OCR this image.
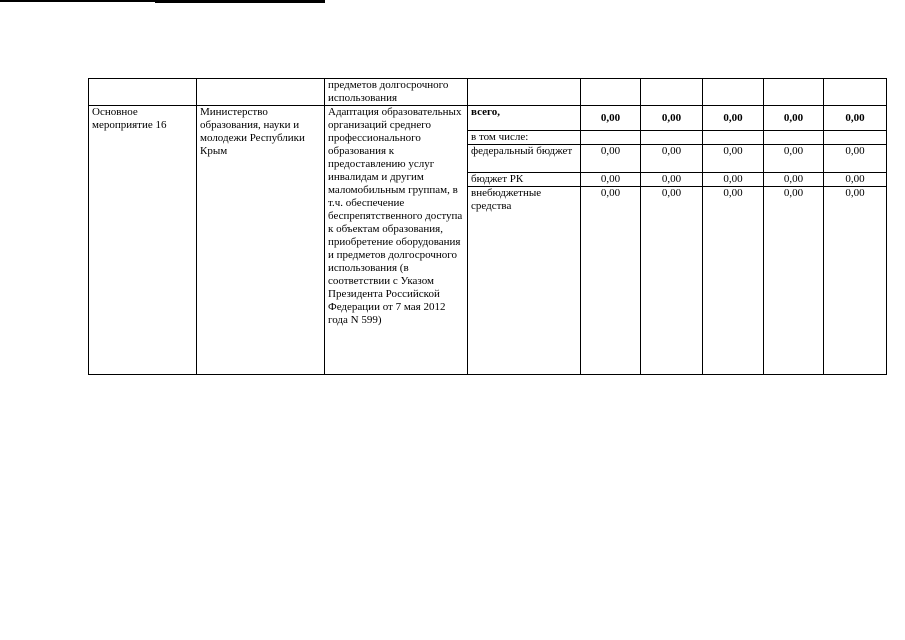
		предметов долгосрочного использования						
Основное мероприятие 16	Министерство образования, науки и молодежи Республики Крым	Адаптация образовательных организаций среднего профессионального образования к предоставлению услуг инвалидам и другим маломобильным группам, в т.ч. обеспечение беспрепятственного доступа к объектам образования, приобретение оборудования и предметов долгосрочного использования (в соответствии с Указом Президента Российской Федерации от 7 мая 2012 года N 599)	всего,	0,00	0,00	0,00	0,00	0,00
			в том числе:					
			федеральный бюджет	0,00	0,00	0,00	0,00	0,00
			бюджет РК	0,00	0,00	0,00	0,00	0,00
			внебюджетные средства	0,00	0,00	0,00	0,00	0,00
